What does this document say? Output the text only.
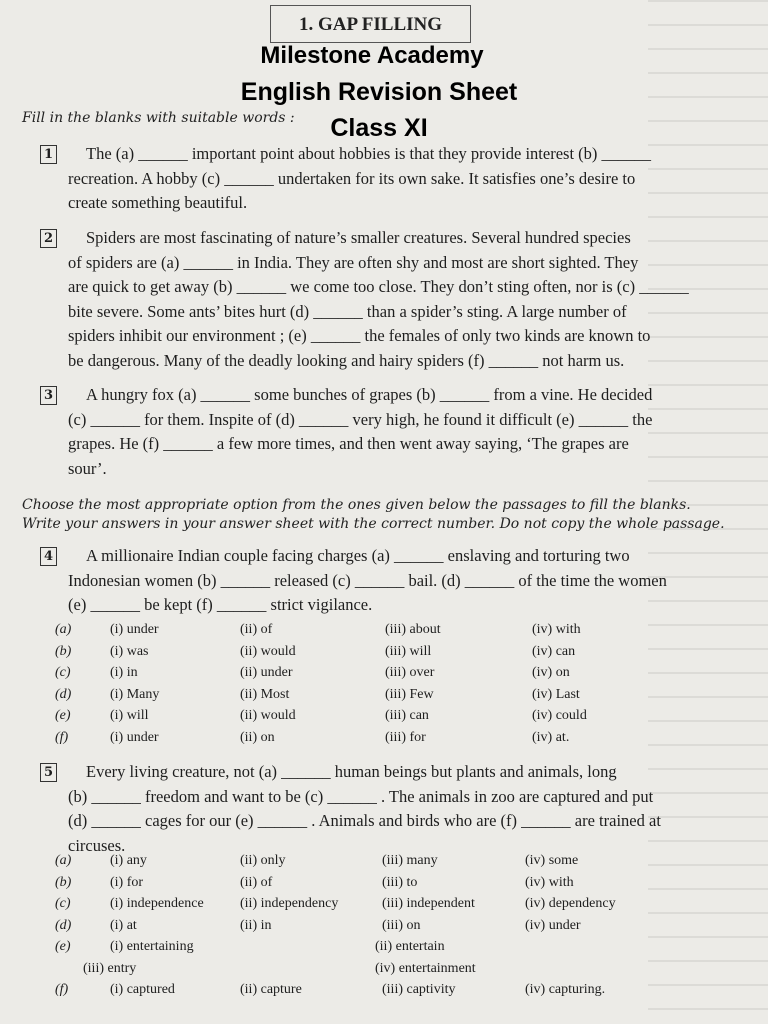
1. GAP FILLING
Milestone Academy
English Revision Sheet
Class XI
Fill in the blanks with suitable words :
1	The (a) ______ important point about hobbies is that they provide interest (b) ______
recreation. A hobby (c) ______ undertaken for its own sake. It satisfies one’s desire to
create something beautiful.
2	Spiders are most fascinating of nature’s smaller creatures. Several hundred species
of spiders are (a) ______ in India. They are often shy and most are short sighted. They
are quick to get away (b) ______ we come too close. They don’t sting often, nor is (c) ______
bite severe. Some ants’ bites hurt (d) ______ than a spider’s sting. A large number of
spiders inhibit our environment ; (e) ______ the females of only two kinds are known to
be dangerous. Many of the deadly looking and hairy spiders (f) ______ not harm us.
3	A hungry fox (a) ______ some bunches of grapes (b) ______ from a vine. He decided
(c) ______ for them. Inspite of (d) ______ very high, he found it difficult (e) ______ the
grapes. He (f) ______ a few more times, and then went away saying, ‘The grapes are
sour’.
Choose the most appropriate option from the ones given below the passages to fill the blanks.
Write your answers in your answer sheet with the correct number. Do not copy the whole passage.
4	A millionaire Indian couple facing charges (a) ______ enslaving and torturing two
Indonesian women (b) ______ released (c) ______ bail. (d) ______ of the time the women
(e) ______ be kept (f) ______ strict vigilance.
(a)	(i) under	(ii) of	(iii) about	(iv) with
(b)	(i) was	(ii) would	(iii) will	(iv) can
(c)	(i) in	(ii) under	(iii) over	(iv) on
(d)	(i) Many	(ii) Most	(iii) Few	(iv) Last
(e)	(i) will	(ii) would	(iii) can	(iv) could
(f)	(i) under	(ii) on	(iii) for	(iv) at.
5	Every living creature, not (a) ______ human beings but plants and animals, long
(b) ______ freedom and want to be (c) ______ . The animals in zoo are captured and put
(d) ______ cages for our (e) ______ . Animals and birds who are (f) ______ are trained at
circuses.
(a)	(i) any	(ii) only	(iii) many	(iv) some
(b)	(i) for	(ii) of	(iii) to	(iv) with
(c)	(i) independence	(ii) independency	(iii) independent	(iv) dependency
(d)	(i) at	(ii) in	(iii) on	(iv) under
(e)	(i) entertaining	(ii) entertain
(iii) entry	(iv) entertainment
(f)	(i) captured	(ii) capture	(iii) captivity	(iv) capturing.
